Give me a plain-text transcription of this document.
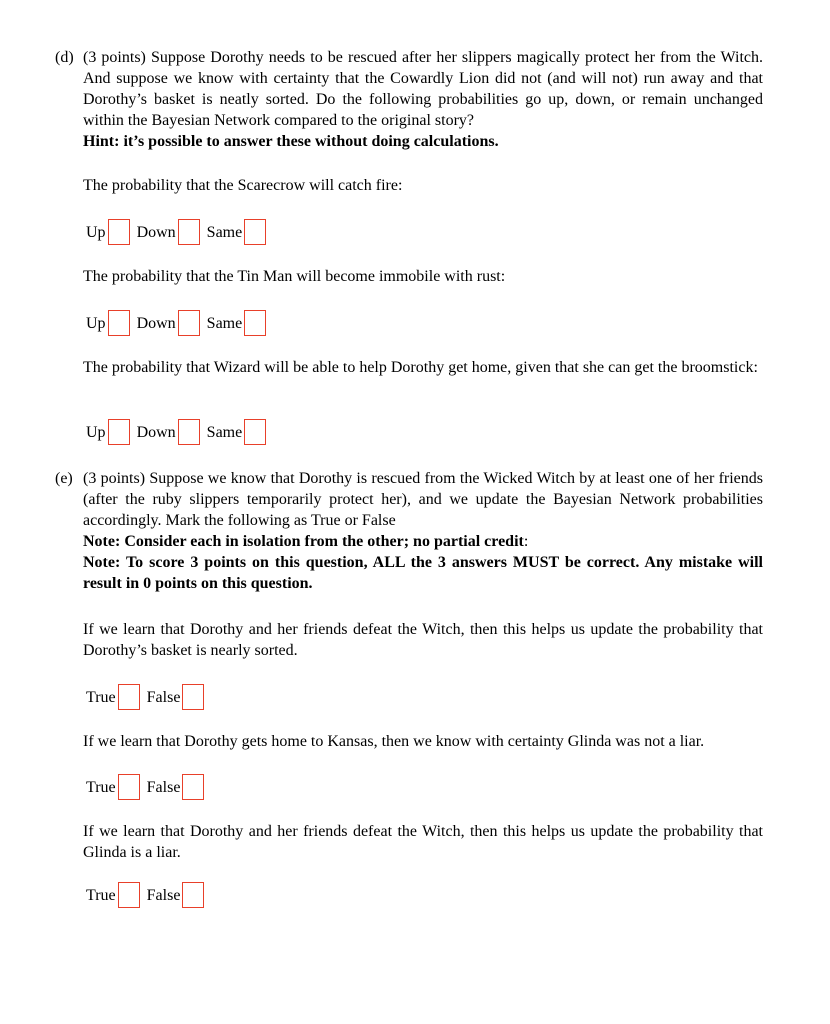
(d) (3 points) Suppose Dorothy needs to be rescued after her slippers magically protect her from the Witch. And suppose we know with certainty that the Cowardly Lion did not (and will not) run away and that Dorothy’s basket is neatly sorted. Do the following probabilities go up, down, or remain unchanged within the Bayesian Network compared to the original story?

Hint: it’s possible to answer these without doing calculations.

The probability that the Scarecrow will catch fire:
Up Down Same
The probability that the Tin Man will become immobile with rust:
Up Down Same
The probability that Wizard will be able to help Dorothy get home, given that she can get the broomstick:
Up Down Same
(e) (3 points) Suppose we know that Dorothy is rescued from the Wicked Witch by at least one of her friends (after the ruby slippers temporarily protect her), and we update the Bayesian Network probabilities accordingly. Mark the following as True or False

Note: Consider each in isolation from the other; no partial credit:

Note: To score 3 points on this question, ALL the 3 answers MUST be correct. Any mistake will result in 0 points on this question.

If we learn that Dorothy and her friends defeat the Witch, then this helps us update the probability that Dorothy’s basket is nearly sorted.
True False
If we learn that Dorothy gets home to Kansas, then we know with certainty Glinda was not a liar.
True False
If we learn that Dorothy and her friends defeat the Witch, then this helps us update the probability that Glinda is a liar.
True False
